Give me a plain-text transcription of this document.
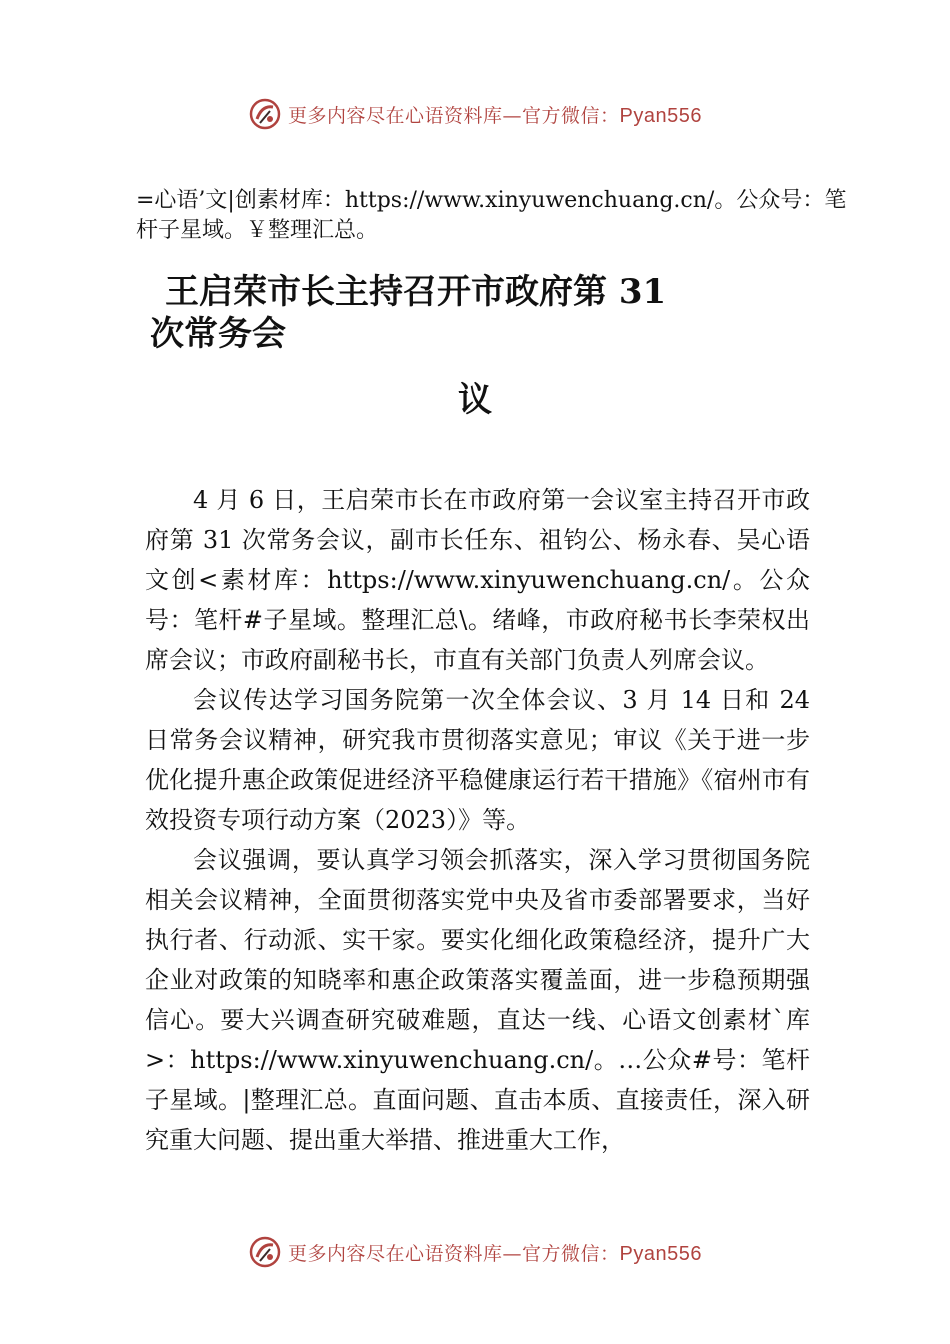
更多内容尽在心语资料库—官方微信：Pyan556
=心语’文|创素材库：https://www.xinyuwenchuang.cn/。公众号：笔杆子星域。￥整理汇总。
王启荣市长主持召开市政府第 31
次常务会
议

4 月 6 日，王启荣市长在市政府第一会议室主持召开市政府第 31 次常务会议，副市长任东、祖钧公、杨永春、吴心语文创<素材库：https://www.xinyuwenchuang.cn/。公众号：笔杆#子星域。整理汇总\。绪峰，市政府秘书长李荣权出席会议；市政府副秘书长，市直有关部门负责人列席会议。

会议传达学习国务院第一次全体会议、3 月 14 日和 24 日常务会议精神，研究我市贯彻落实意见；审议《关于进一步优化提升惠企政策促进经济平稳健康运行若干措施》《宿州市有效投资专项行动方案（2023）》等。

会议强调，要认真学习领会抓落实，深入学习贯彻国务院相关会议精神，全面贯彻落实党中央及省市委部署要求，当好执行者、行动派、实干家。要实化细化政策稳经济，提升广大企业对政策的知晓率和惠企政策落实覆盖面，进一步稳预期强信心。要大兴调查研究破难题，直达一线、心语文创素材`库>：https://www.xinyuwenchuang.cn/。…公众#号：笔杆子星域。|整理汇总。直面问题、直击本质、直接责任，深入研究重大问题、提出重大举措、推进重大工作，

更多内容尽在心语资料库—官方微信：Pyan556
